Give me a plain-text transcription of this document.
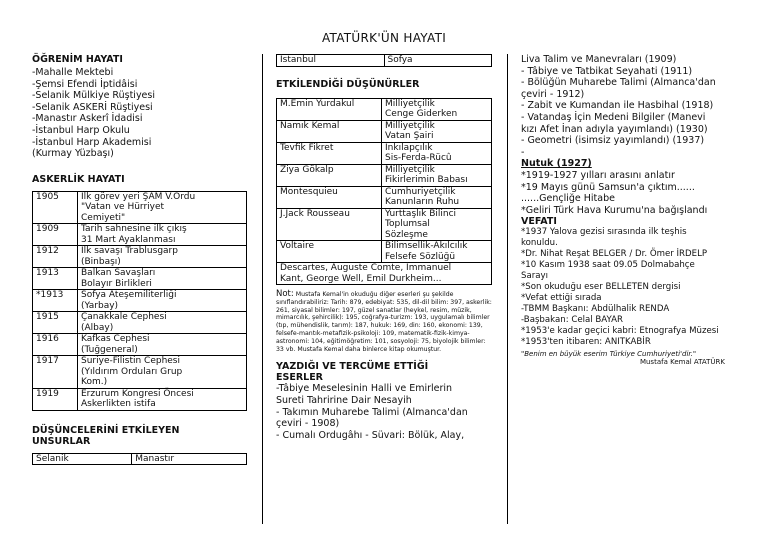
ATATÜRK'ÜN HAYATI

ÖĞRENİM HAYATI

-Mahalle Mektebi
-Şemsi Efendi İptidâisi
-Selanik Mülkiye Rüştiyesi
-Selanik ASKERİ Rüştiyesi
-Manastır Askerî İdadisi
-İstanbul Harp Okulu
-İstanbul Harp Akademisi
(Kurmay Yüzbaşı)

ASKERLİK HAYATI

1905	İlk görev yeri ŞAM V.Ordu
"Vatan ve Hürriyet
Cemiyeti"

1909	Tarih sahnesine ilk çıkış
31 Mart Ayaklanması

1912	İlk savaşı Trablusgarp
(Binbaşı)

1913	Balkan Savaşları
Bolayır Birlikleri

*1913	Sofya Ateşemiliterliği
(Yarbay)

1915	Çanakkale Cephesi
(Albay)

1916	Kafkas Cephesi
(Tuğgeneral)

1917	Suriye-Filistin Cephesi
(Yıldırım Orduları Grup
Kom.)

1919	Erzurum Kongresi Öncesi
Askerlikten istifa

DÜŞÜNCELERİNİ ETKİLEYEN
UNSURLAR

Selanik	Manastır
İstanbul	Sofya

ETKİLENDİĞİ DÜŞÜNÜRLER

M.Emin Yurdakul	Milliyetçilik
Cenge Giderken

Namık Kemal	Milliyetçilik
Vatan Şairi

Tevfik Fikret	İnkılapçılık
Sis-Ferda-Rücû

Ziya Gökalp	Milliyetçilik
Fikirlerimin Babası

Montesquieu	Cumhuriyetçilik
Kanunların Ruhu

J.Jack Rousseau	Yurttaşlık Bilinci
Toplumsal
Sözleşme

Voltaire	Bilimsellik-Akılcılık
Felsefe Sözlüğü

Descartes, Auguste Comte, İmmanuel
Kant, George Well, Emil Durkheim...	
Not: Mustafa Kemal'in okuduğu diğer eserleri şu şekilde sınıflandırabiliriz: Tarih: 879, edebiyat: 535, dil-dil bilim: 397, askerlik: 261, siyasal bilimler: 197, güzel sanatlar (heykel, resim, müzik, mimarcılık, şehircilik): 195, coğrafya-turizm: 193, uygulamalı bilimler (tıp, mühendislik, tarım): 187, hukuk: 169, din: 160, ekonomi: 139, felsefe-mantık-metafizik-psikoloji: 109, matematik-fizik-kimya-astronomi: 104, eğitimöğretim: 101, sosyoloji: 75, biyolojik bilimler: 33 vb. Mustafa Kemal daha binlerce kitap okumuştur.

YAZDIĞI VE TERCÜME ETTİĞİ
ESERLER

-Tâbiye Meselesinin Halli ve Emirlerin
Sureti Tahririne Dair Nesayih
- Takımın Muharebe Talimi (Almanca'dan
çeviri - 1908)
- Cumalı Ordugâhı - Süvari: Bölük, Alay,
Liva Talim ve Manevraları (1909)
- Tâbiye ve Tatbikat Seyahati (1911)
- Bölüğün Muharebe Talimi (Almanca'dan
çeviri - 1912)
- Zabit ve Kumandan ile Hasbihal (1918)
- Vatandaş İçin Medeni Bilgiler (Manevi
kızı Afet İnan adıyla yayımlandı) (1930)
- Geometri (isimsiz yayımlandı) (1937)
-
Nutuk (1927)
*1919-1927 yılları arasını anlatır
*19 Mayıs günü Samsun'a çıktım......
......Gençliğe Hitabe
*Geliri Türk Hava Kurumu'na bağışlandı

VEFATI

*1937 Yalova gezisi sırasında ilk teşhis
konuldu.
*Dr. Nihat Reşat BELGER / Dr. Ömer İRDELP
*10 Kasım 1938 saat 09.05 Dolmabahçe
Sarayı
*Son okuduğu eser BELLETEN dergisi
*Vefat ettiği sırada
-TBMM Başkanı: Abdülhalik RENDA
-Başbakan: Celal BAYAR
*1953'e kadar geçici kabri: Etnografya Müzesi
*1953'ten itibaren: ANITKABİR
"Benim en büyük eserim Türkiye Cumhuriyeti'dir."
Mustafa Kemal ATATÜRK
